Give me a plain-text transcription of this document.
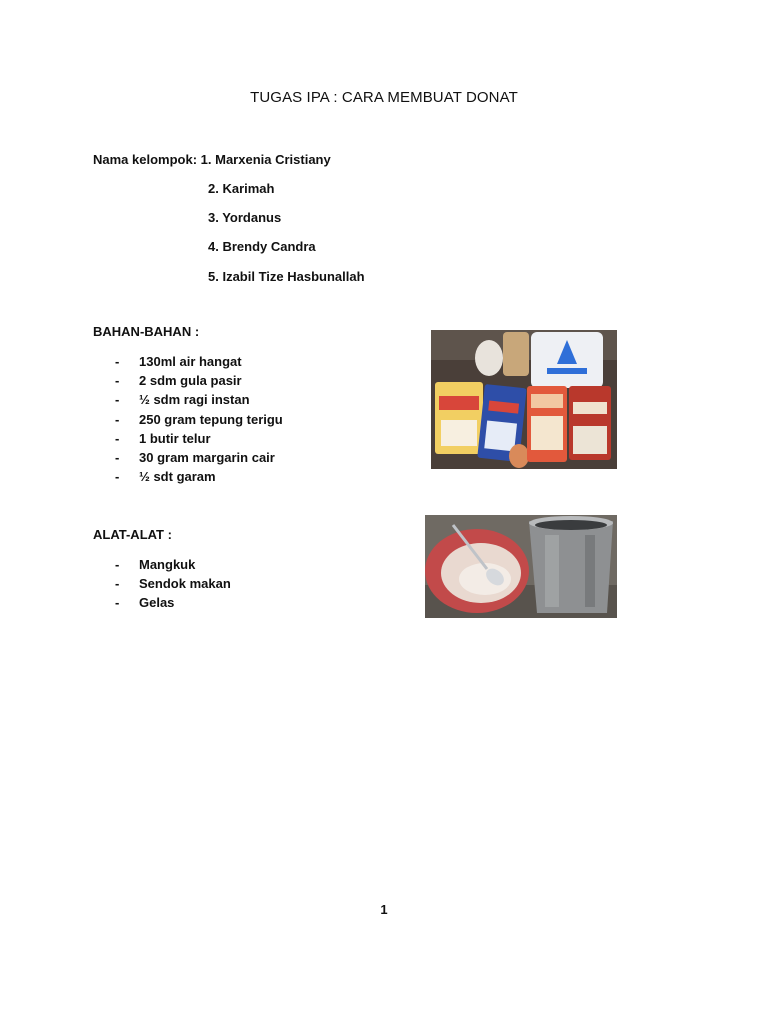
TUGAS IPA : CARA MEMBUAT DONAT
Nama kelompok: 1. Marxenia Cristiany
2. Karimah
3. Yordanus
4. Brendy Candra
5. Izabil Tize Hasbunallah
BAHAN-BAHAN :
- 130ml air hangat
- 2 sdm gula pasir
- ½ sdm ragi instan
- 250 gram tepung terigu
- 1 butir telur
- 30 gram margarin cair
- ½ sdt garam
ALAT-ALAT :
- Mangkuk
- Sendok makan
- Gelas
1
